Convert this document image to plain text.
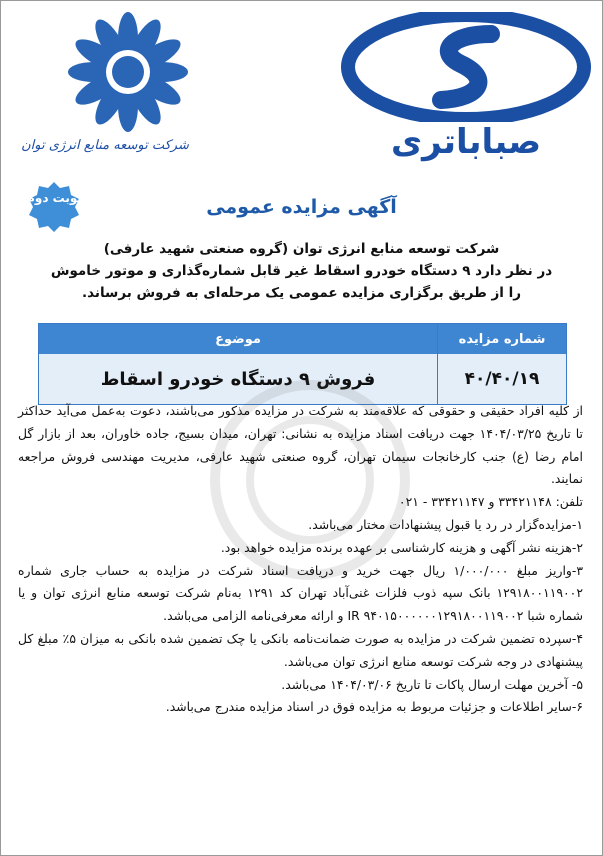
صباباتری
شرکت توسعه منابع انرژی توان
نوبت دوم	آگهی مزایده عمومی
شرکت توسعه منابع انرژی توان (گروه صنعتی شهید عارفی)
در نظر دارد ۹ دستگاه خودرو اسقاط غیر قابل شماره‌گذاری و موتور خاموش
را از طریق برگزاری مزایده عمومی یک مرحله‌ای به فروش برساند.
شماره مزایده
موضوع
۴۰/۴۰/۱۹
فروش ۹ دستگاه خودرو اسقاط

از کلیه افراد حقیقی و حقوقی که علاقه‌مند به شرکت در مزایده مذکور می‌باشند، دعوت به‌عمل می‌آید حداکثر تا تاریخ ۱۴۰۴/۰۳/۲۵ جهت دریافت اسناد مزایده به نشانی: تهران، میدان بسیج، جاده خاوران، بعد از بازار گل امام رضا (ع) جنب کارخانجات سیمان تهران، گروه صنعتی شهید عارفی، مدیریت مهندسی فروش مراجعه نمایند.

تلفن: ۳۳۴۲۱۱۴۸ و ۳۳۴۲۱۱۴۷ - ۰۲۱

۱-مزایده‌گزار در رد یا قبول پیشنهادات مختار می‌باشد.

۲-هزینه نشر آگهی و هزینه کارشناسی بر عهده برنده مزایده خواهد بود.

۳-واریز مبلغ ۱/۰۰۰/۰۰۰ ریال جهت خرید و دریافت اسناد شرکت در مزایده به حساب جاری شماره ۱۲۹۱۸۰۰۱۱۹۰۰۲ بانک سپه ذوب فلزات غنی‌آباد تهران کد ۱۲۹۱ به‌نام شرکت توسعه منابع انرژی توان و یا شماره شبا IR ۹۴۰۱۵۰۰۰۰۰۰۱۲۹۱۸۰۰۱۱۹۰۰۲ و ارائه معرفی‌نامه الزامی می‌باشد.

۴-سپرده تضمین شرکت در مزایده به صورت ضمانت‌نامه بانکی یا چک تضمین شده بانکی به میزان ۵٪ مبلغ کل پیشنهادی در وجه شرکت توسعه منابع انرژی توان می‌باشد.

۵- آخرین مهلت ارسال پاکات تا تاریخ ۱۴۰۴/۰۳/۰۶ می‌باشد.

۶-سایر اطلاعات و جزئیات مربوط به مزایده فوق در اسناد مزایده مندرج می‌باشد.
